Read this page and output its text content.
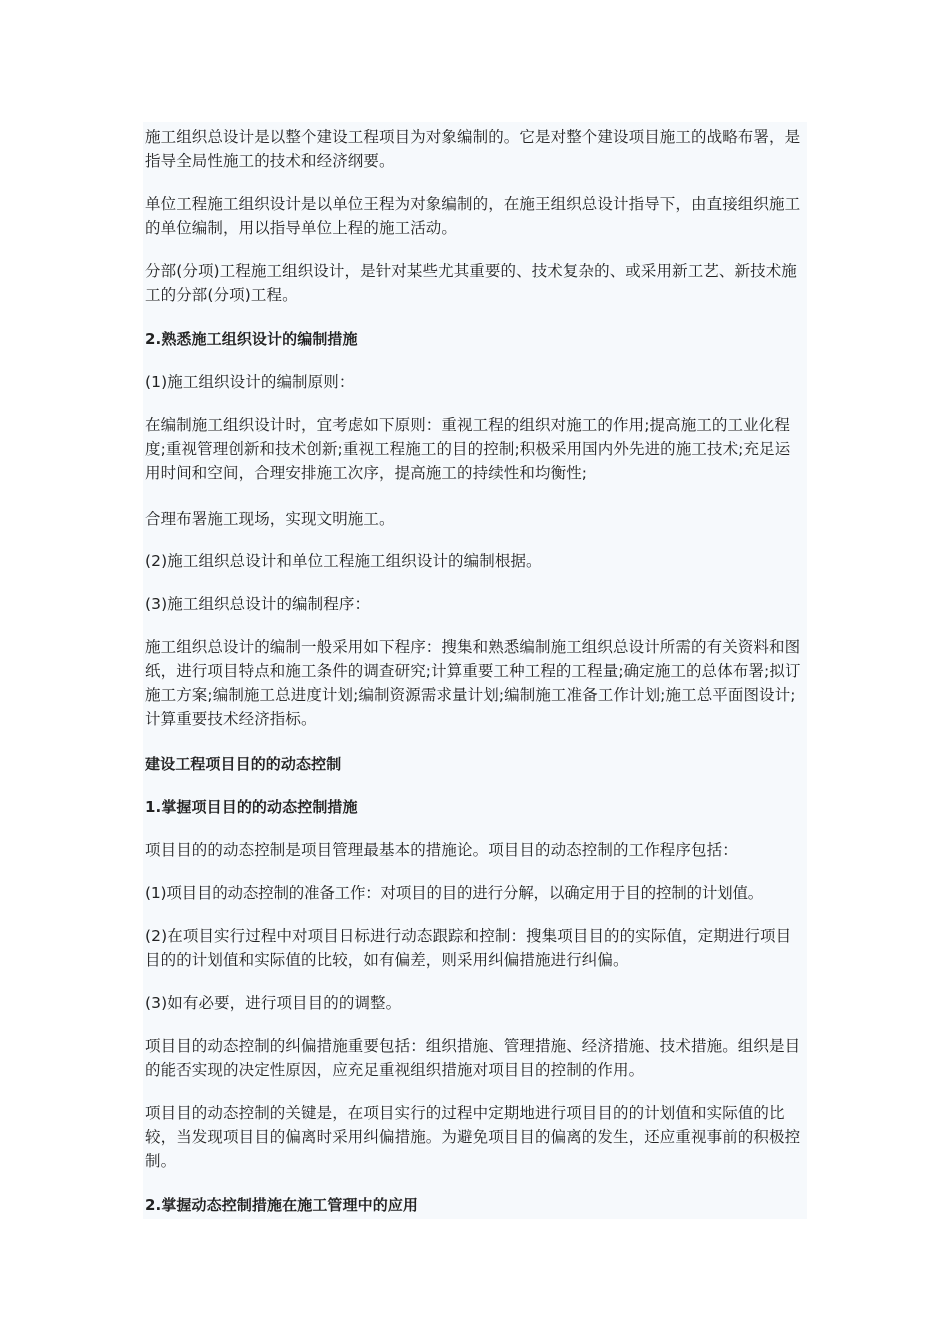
施工组织总设计是以整个建设工程项目为对象编制的。它是对整个建设项目施工的战略布署，是指导全局性施工的技术和经济纲要。

单位工程施工组织设计是以单位王程为对象编制的，在施王组织总设计指导下，由直接组织施工的单位编制，用以指导单位上程的施工活动。

分部(分项)工程施工组织设计，是针对某些尤其重要的、技术复杂的、或采用新工艺、新技术施工的分部(分项)工程。

2.熟悉施工组织设计的编制措施

(1)施工组织设计的编制原则：

在编制施工组织设计时，宜考虑如下原则：重视工程的组织对施工的作用;提高施工的工业化程度;重视管理创新和技术创新;重视工程施工的目的控制;积极采用国内外先进的施工技术;充足运用时间和空间，合理安排施工次序，提高施工的持续性和均衡性;

合理布署施工现场，实现文明施工。

(2)施工组织总设计和单位工程施工组织设计的编制根据。

(3)施工组织总设计的编制程序：

施工组织总设计的编制一般采用如下程序：搜集和熟悉编制施工组织总设计所需的有关资料和图纸，进行项目特点和施工条件的调查研究;计算重要工种工程的工程量;确定施工的总体布署;拟订施工方案;编制施工总进度计划;编制资源需求量计划;编制施工准备工作计划;施工总平面图设计;计算重要技术经济指标。

建设工程项目目的的动态控制

1.掌握项目目的的动态控制措施

项目目的的动态控制是项目管理最基本的措施论。项目目的动态控制的工作程序包括：

(1)项目目的动态控制的准备工作：对项目的目的进行分解，以确定用于目的控制的计划值。

(2)在项目实行过程中对项目日标进行动态跟踪和控制：搜集项目目的的实际值，定期进行项目目的的计划值和实际值的比较，如有偏差，则采用纠偏措施进行纠偏。

(3)如有必要，进行项目目的的调整。

项目目的动态控制的纠偏措施重要包括：组织措施、管理措施、经济措施、技术措施。组织是目的能否实现的决定性原因，应充足重视组织措施对项目目的控制的作用。

项目目的动态控制的关键是，在项目实行的过程中定期地进行项目目的的计划值和实际值的比较，当发现项目目的偏离时采用纠偏措施。为避免项目目的偏离的发生，还应重视事前的积极控制。

2.掌握动态控制措施在施工管理中的应用
